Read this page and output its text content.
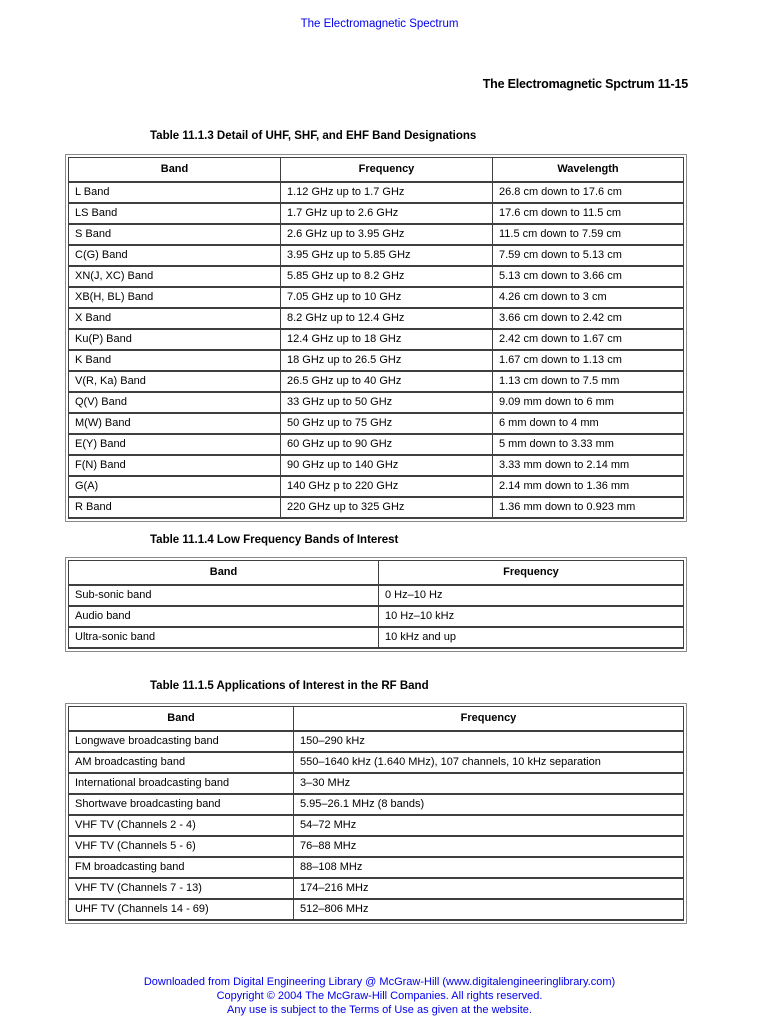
The Electromagnetic Spectrum
The Electromagnetic Spctrum 11-15
Table 11.1.3 Detail of UHF, SHF, and EHF Band Designations
Band	Frequency	Wavelength
L Band	1.12 GHz up to 1.7 GHz	26.8 cm down to 17.6 cm
LS Band	1.7 GHz up to 2.6 GHz	17.6 cm down to 11.5 cm
S Band	2.6 GHz up to 3.95 GHz	11.5 cm down to 7.59 cm
C(G) Band	3.95 GHz up to 5.85 GHz	7.59 cm down to 5.13 cm
XN(J, XC) Band	5.85 GHz up to 8.2 GHz	5.13 cm down to 3.66 cm
XB(H, BL) Band	7.05 GHz up to 10 GHz	4.26 cm down to 3 cm
X Band	8.2 GHz up to 12.4 GHz	3.66 cm down to 2.42 cm
Ku(P) Band	12.4 GHz up to 18 GHz	2.42 cm down to 1.67 cm
K Band	18 GHz up to 26.5 GHz	1.67 cm down to 1.13 cm
V(R, Ka) Band	26.5 GHz up to 40 GHz	1.13 cm down to 7.5 mm
Q(V) Band	33 GHz up to 50 GHz	9.09 mm down to 6 mm
M(W) Band	50 GHz up to 75 GHz	6 mm down to 4 mm
E(Y) Band	60 GHz up to 90 GHz	5 mm down to 3.33 mm
F(N) Band	90 GHz up to 140 GHz	3.33 mm down to 2.14 mm
G(A)	140 GHz p to 220 GHz	2.14 mm down to 1.36 mm
R Band	220 GHz up to 325 GHz	1.36 mm down to 0.923 mm
Table 11.1.4 Low Frequency Bands of Interest
Band	Frequency
Sub-sonic band	0 Hz–10 Hz
Audio band	10 Hz–10 kHz
Ultra-sonic band	10 kHz and up
Table 11.1.5 Applications of Interest in the RF Band
Band	Frequency
Longwave broadcasting band	150–290 kHz
AM broadcasting band	550–1640 kHz (1.640 MHz), 107 channels, 10 kHz separation
International broadcasting band	3–30 MHz
Shortwave broadcasting band	5.95–26.1 MHz (8 bands)
VHF TV (Channels 2 - 4)	54–72 MHz
VHF TV (Channels 5 - 6)	76–88 MHz
FM broadcasting band	88–108 MHz
VHF TV (Channels 7 - 13)	174–216 MHz
UHF TV (Channels 14 - 69)	512–806 MHz
Downloaded from Digital Engineering Library @ McGraw-Hill (www.digitalengineeringlibrary.com)
Copyright © 2004 The McGraw-Hill Companies. All rights reserved.
Any use is subject to the Terms of Use as given at the website.
